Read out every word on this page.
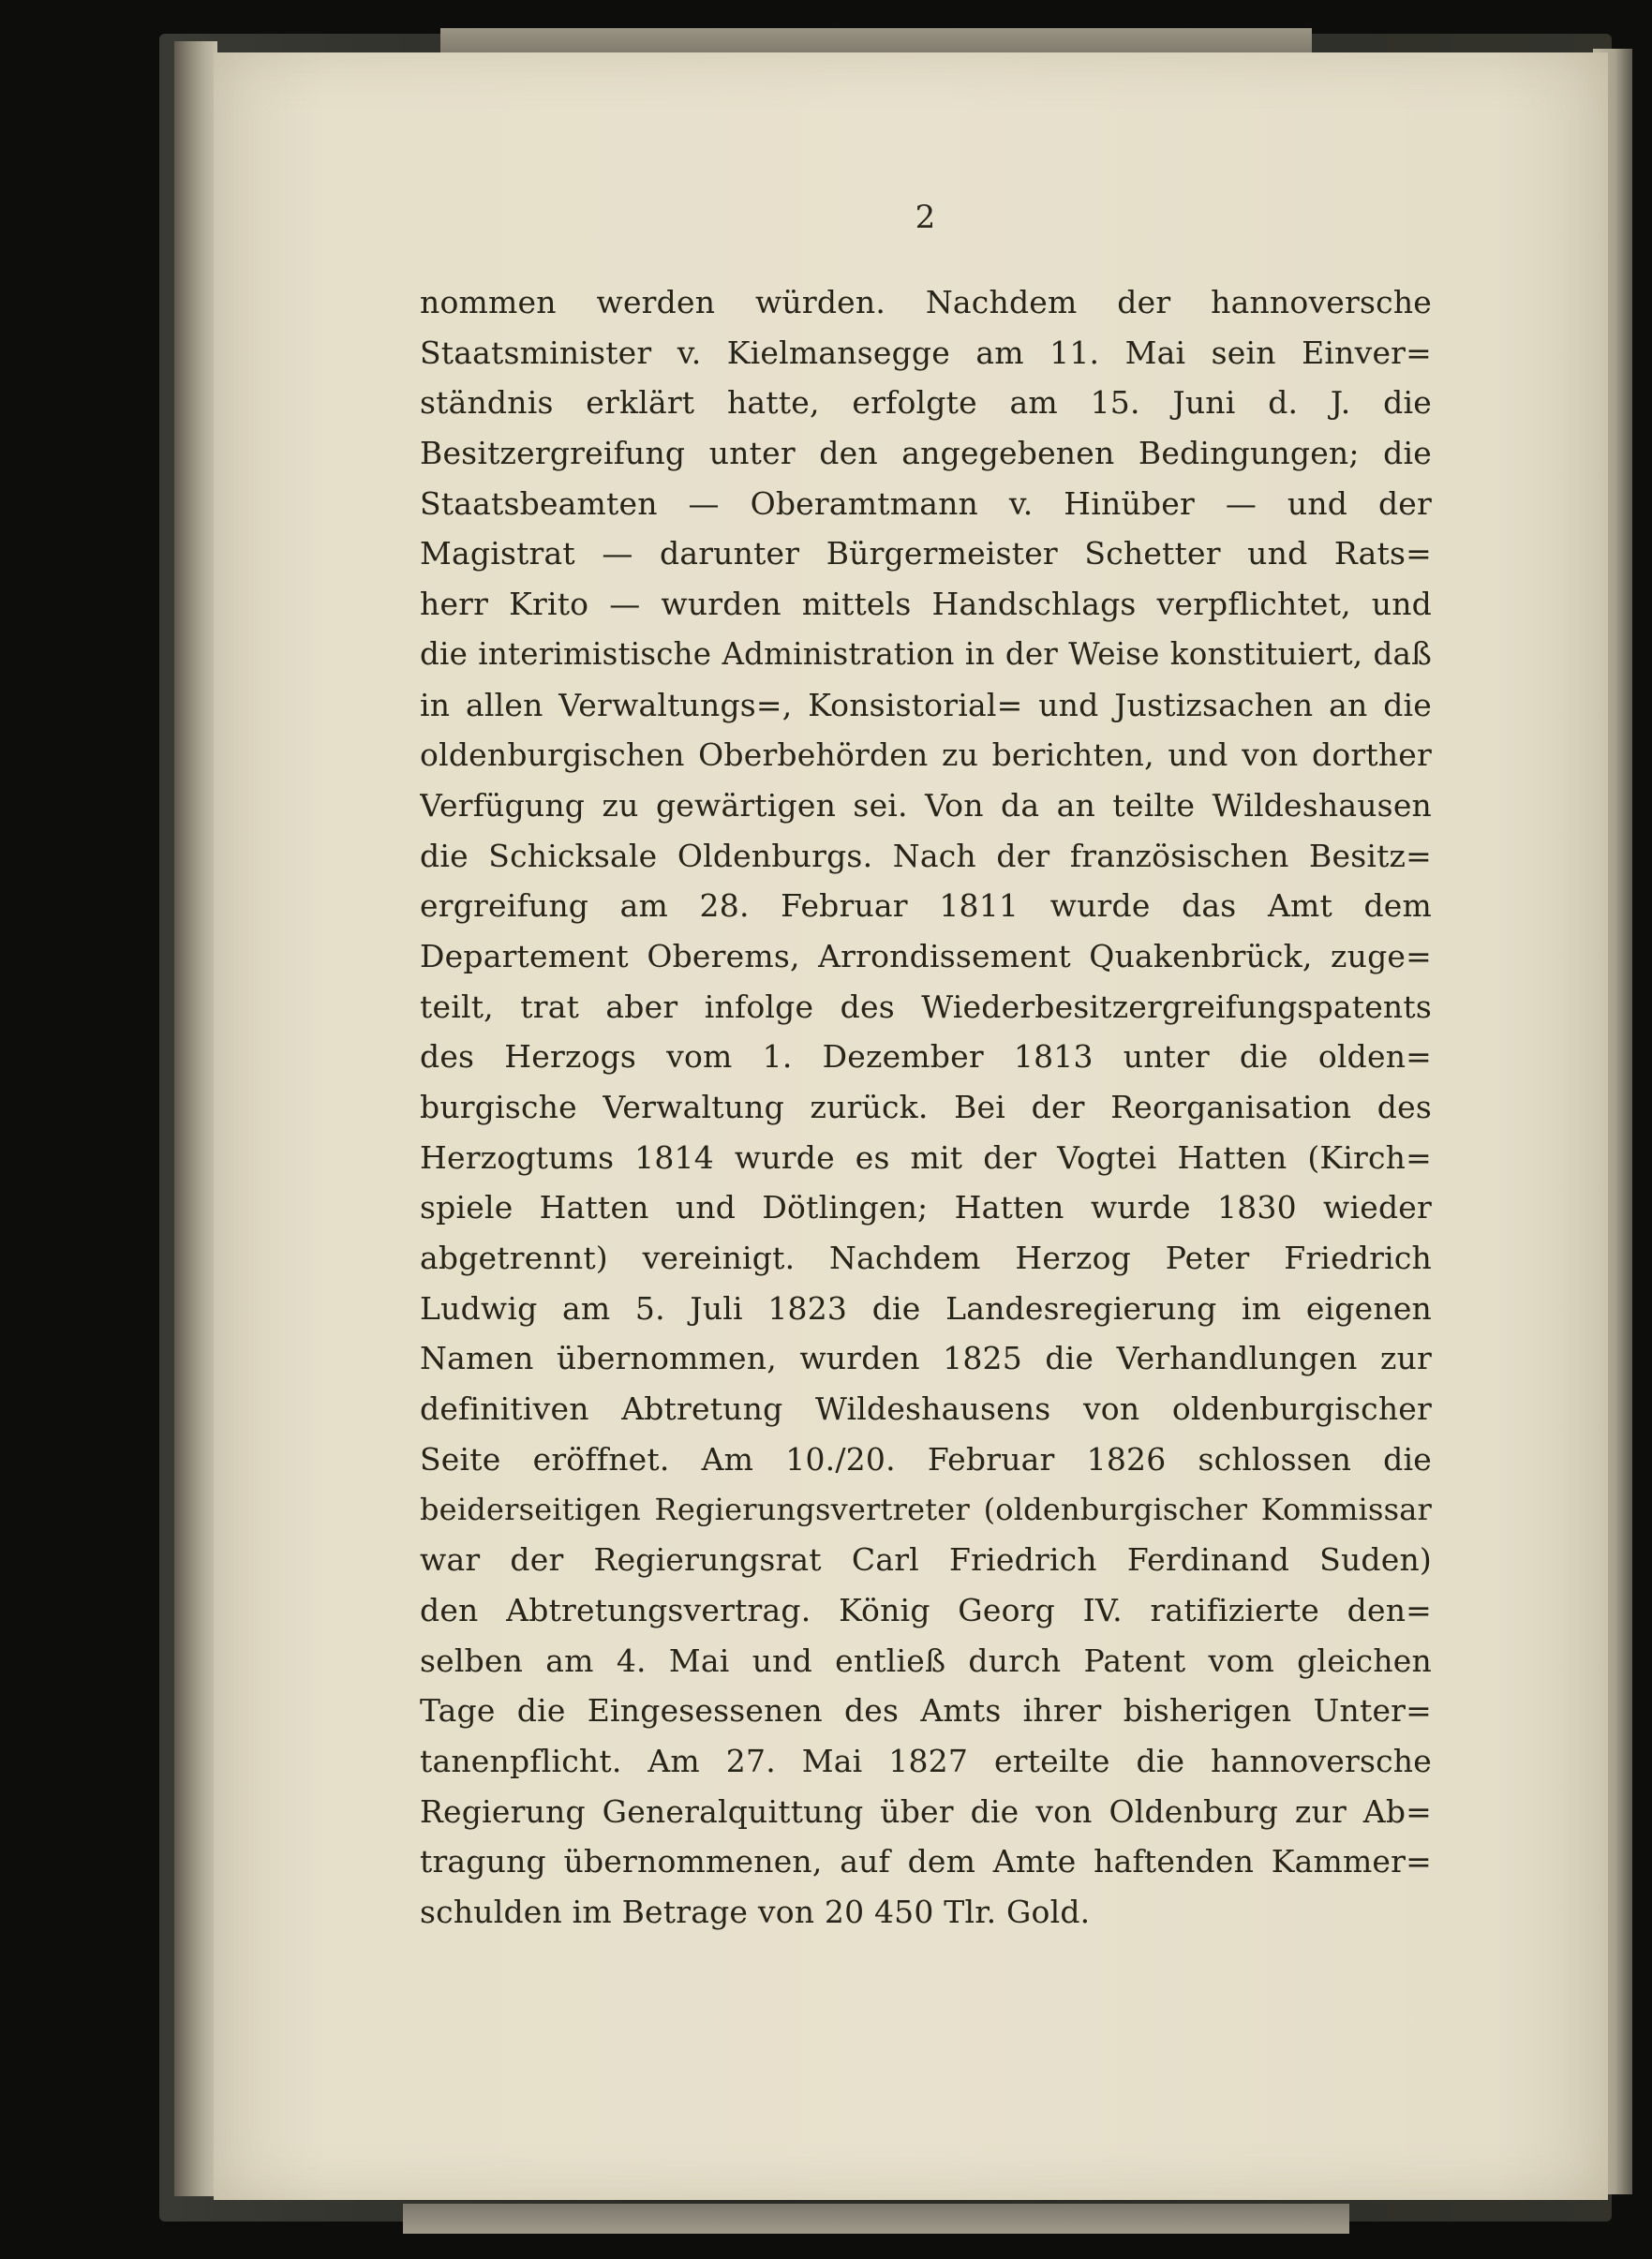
2
nommen werden würden. Nachdem der hannoversche
Staatsminister v. Kielmansegge am 11. Mai sein Einver=
ständnis erklärt hatte, erfolgte am 15. Juni d. J. die
Besitzergreifung unter den angegebenen Bedingungen; die
Staatsbeamten — Oberamtmann v. Hinüber — und der
Magistrat — darunter Bürgermeister Schetter und Rats=
herr Krito — wurden mittels Handschlags verpflichtet, und
die interimistische Administration in der Weise konstituiert, daß
in allen Verwaltungs=, Konsistorial= und Justizsachen an die
oldenburgischen Oberbehörden zu berichten, und von dorther
Verfügung zu gewärtigen sei. Von da an teilte Wildeshausen
die Schicksale Oldenburgs. Nach der französischen Besitz=
ergreifung am 28. Februar 1811 wurde das Amt dem
Departement Oberems, Arrondissement Quakenbrück, zuge=
teilt, trat aber infolge des Wiederbesitzergreifungspatents
des Herzogs vom 1. Dezember 1813 unter die olden=
burgische Verwaltung zurück. Bei der Reorganisation des
Herzogtums 1814 wurde es mit der Vogtei Hatten (Kirch=
spiele Hatten und Dötlingen; Hatten wurde 1830 wieder
abgetrennt) vereinigt. Nachdem Herzog Peter Friedrich
Ludwig am 5. Juli 1823 die Landesregierung im eigenen
Namen übernommen, wurden 1825 die Verhandlungen zur
definitiven Abtretung Wildeshausens von oldenburgischer
Seite eröffnet. Am 10./20. Februar 1826 schlossen die
beiderseitigen Regierungsvertreter (oldenburgischer Kommissar
war der Regierungsrat Carl Friedrich Ferdinand Suden)
den Abtretungsvertrag. König Georg IV. ratifizierte den=
selben am 4. Mai und entließ durch Patent vom gleichen
Tage die Eingesessenen des Amts ihrer bisherigen Unter=
tanenpflicht. Am 27. Mai 1827 erteilte die hannoversche
Regierung Generalquittung über die von Oldenburg zur Ab=
tragung übernommenen, auf dem Amte haftenden Kammer=
schulden im Betrage von 20 450 Tlr. Gold.
